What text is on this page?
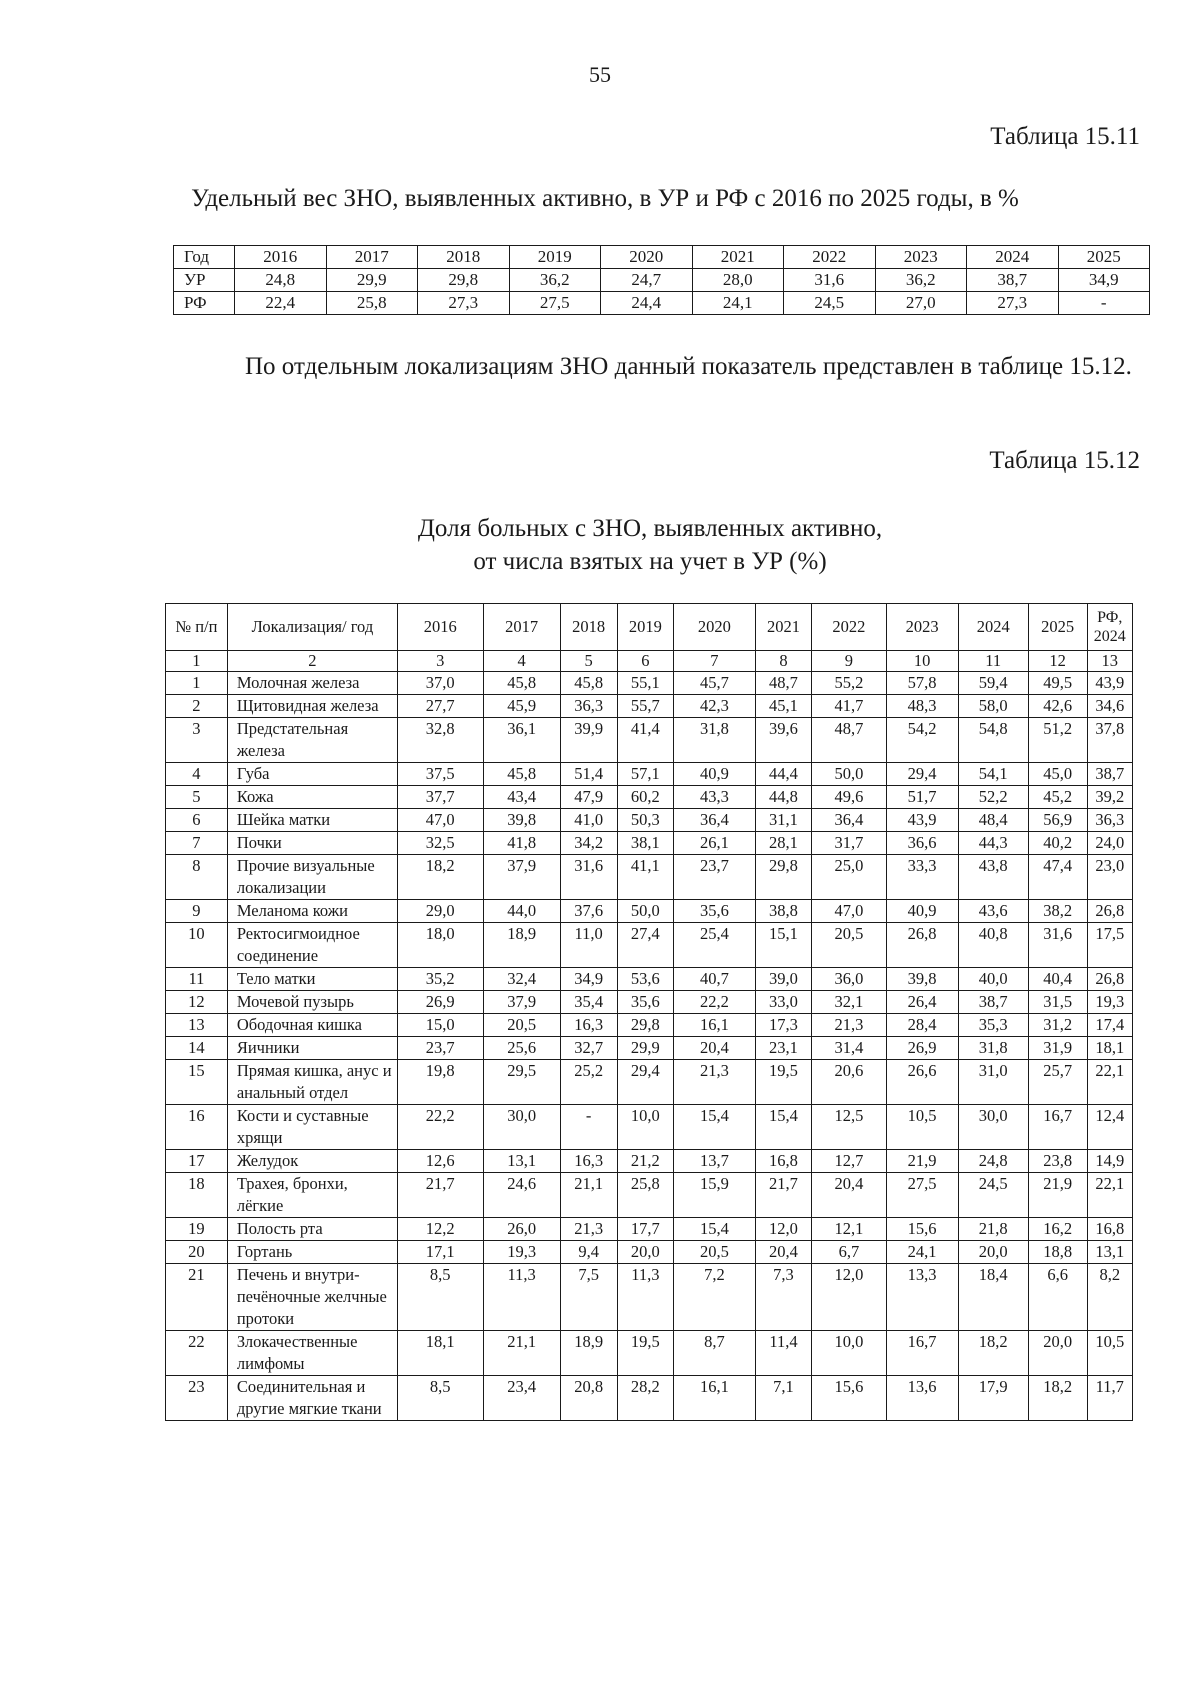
55
Таблица 15.11
Удельный вес ЗНО, выявленных активно, в УР и РФ с 2016 по 2025 годы, в %
Год	2016	2017	2018	2019	2020	2021	2022	2023	2024	2025
УР	24,8	29,9	29,8	36,2	24,7	28,0	31,6	36,2	38,7	34,9
РФ	22,4	25,8	27,3	27,5	24,4	24,1	24,5	27,0	27,3	-
По отдельным локализациям ЗНО данный показатель представлен в таблице 15.12.
Таблица 15.12
Доля больных с ЗНО, выявленных активно,
от числа взятых на учет в УР (%)
№ п/п	Локализация/ год	2016	2017	2018	2019	2020	2021	2022	2023	2024	2025	РФ, 2024
1	2	3	4	5	6	7	8	9	10	11	12	13
1	Молочная железа	37,0	45,8	45,8	55,1	45,7	48,7	55,2	57,8	59,4	49,5	43,9
2	Щитовидная железа	27,7	45,9	36,3	55,7	42,3	45,1	41,7	48,3	58,0	42,6	34,6
3	Предстательная железа	32,8	36,1	39,9	41,4	31,8	39,6	48,7	54,2	54,8	51,2	37,8
4	Губа	37,5	45,8	51,4	57,1	40,9	44,4	50,0	29,4	54,1	45,0	38,7
5	Кожа	37,7	43,4	47,9	60,2	43,3	44,8	49,6	51,7	52,2	45,2	39,2
6	Шейка матки	47,0	39,8	41,0	50,3	36,4	31,1	36,4	43,9	48,4	56,9	36,3
7	Почки	32,5	41,8	34,2	38,1	26,1	28,1	31,7	36,6	44,3	40,2	24,0
8	Прочие визуальные локализации	18,2	37,9	31,6	41,1	23,7	29,8	25,0	33,3	43,8	47,4	23,0
9	Меланома кожи	29,0	44,0	37,6	50,0	35,6	38,8	47,0	40,9	43,6	38,2	26,8
10	Ректосигмоидное соединение	18,0	18,9	11,0	27,4	25,4	15,1	20,5	26,8	40,8	31,6	17,5
11	Тело матки	35,2	32,4	34,9	53,6	40,7	39,0	36,0	39,8	40,0	40,4	26,8
12	Мочевой пузырь	26,9	37,9	35,4	35,6	22,2	33,0	32,1	26,4	38,7	31,5	19,3
13	Ободочная кишка	15,0	20,5	16,3	29,8	16,1	17,3	21,3	28,4	35,3	31,2	17,4
14	Яичники	23,7	25,6	32,7	29,9	20,4	23,1	31,4	26,9	31,8	31,9	18,1
15	Прямая кишка, анус и анальный отдел	19,8	29,5	25,2	29,4	21,3	19,5	20,6	26,6	31,0	25,7	22,1
16	Кости и суставные хрящи	22,2	30,0	-	10,0	15,4	15,4	12,5	10,5	30,0	16,7	12,4
17	Желудок	12,6	13,1	16,3	21,2	13,7	16,8	12,7	21,9	24,8	23,8	14,9
18	Трахея, бронхи, лёгкие	21,7	24,6	21,1	25,8	15,9	21,7	20,4	27,5	24,5	21,9	22,1
19	Полость рта	12,2	26,0	21,3	17,7	15,4	12,0	12,1	15,6	21,8	16,2	16,8
20	Гортань	17,1	19,3	9,4	20,0	20,5	20,4	6,7	24,1	20,0	18,8	13,1
21	Печень и внутри-печёночные желчные протоки	8,5	11,3	7,5	11,3	7,2	7,3	12,0	13,3	18,4	6,6	8,2
22	Злокачественные лимфомы	18,1	21,1	18,9	19,5	8,7	11,4	10,0	16,7	18,2	20,0	10,5
23	Соединительная и другие мягкие ткани	8,5	23,4	20,8	28,2	16,1	7,1	15,6	13,6	17,9	18,2	11,7
